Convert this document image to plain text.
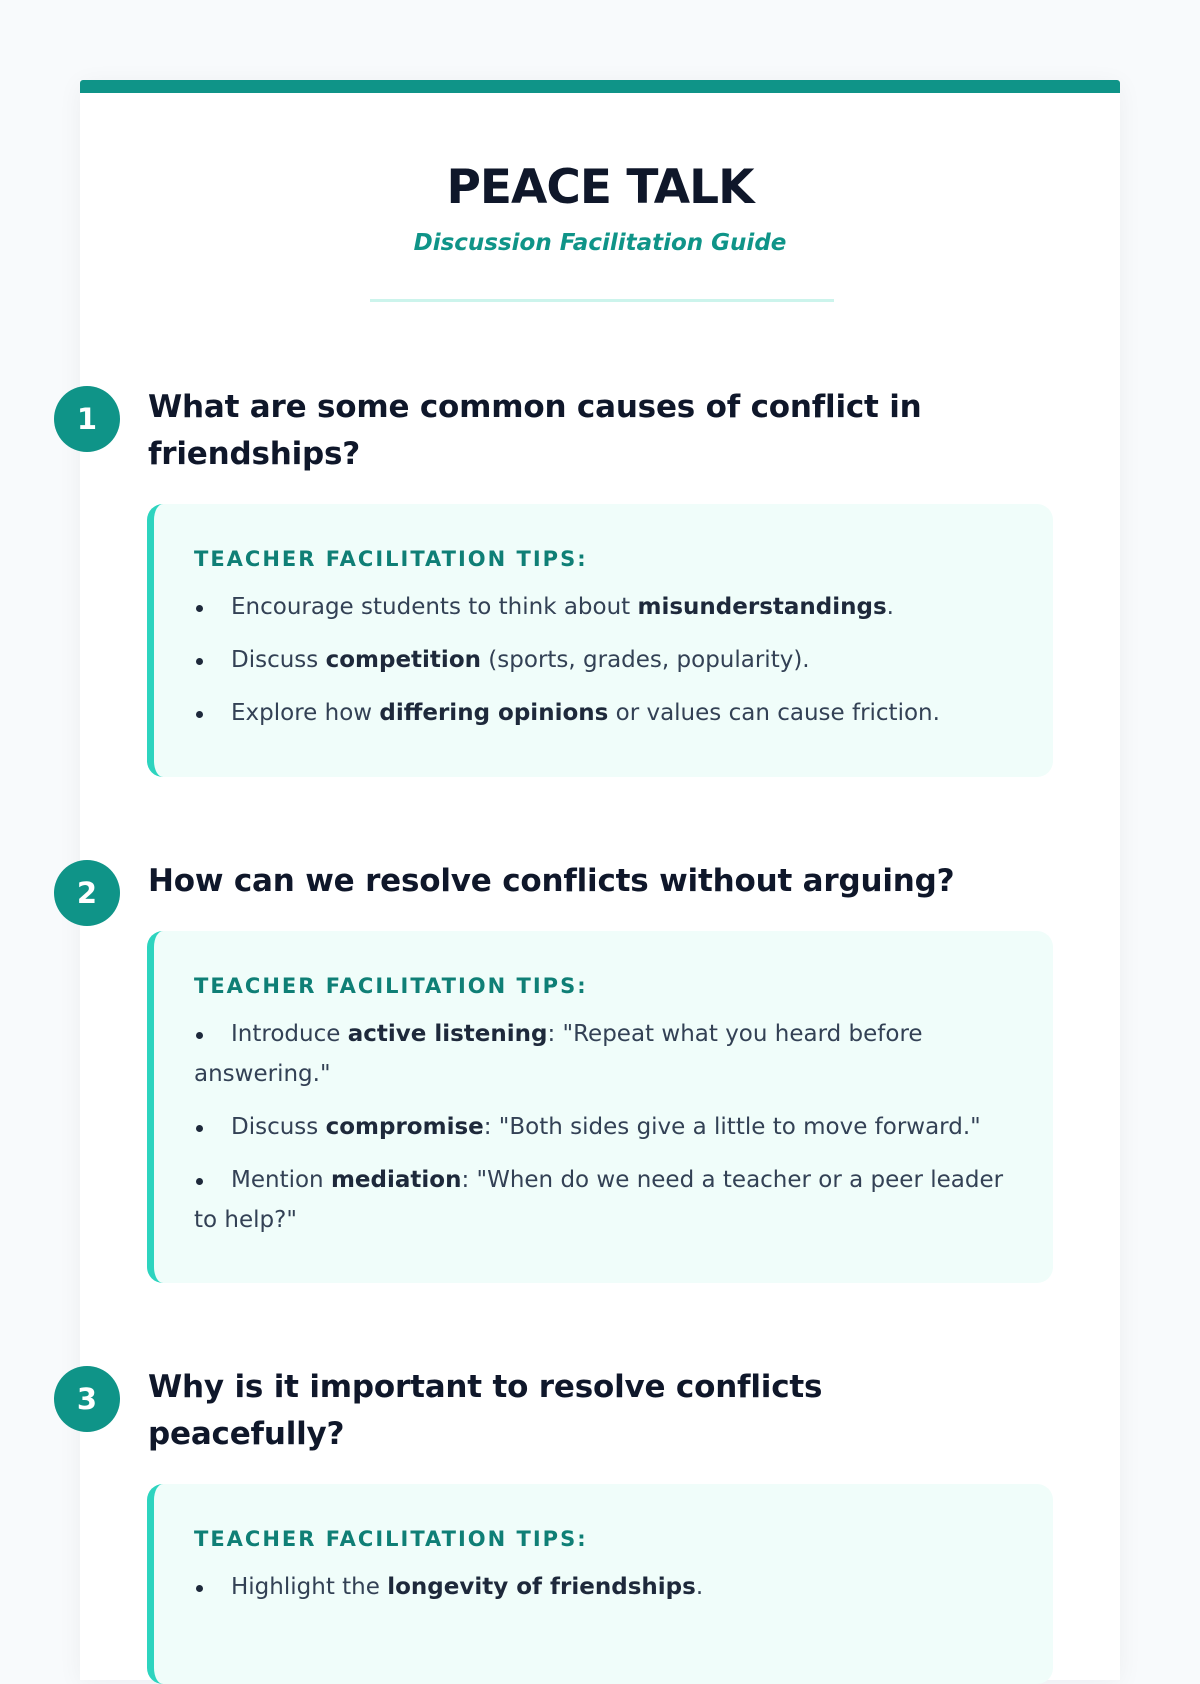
PEACE TALK
Discussion Facilitation Guide
1	What are some common causes of conflict in friendships?
TEACHER FACILITATION TIPS:
Encourage students to think about misunderstandings.
Discuss competition (sports, grades, popularity).
Explore how differing opinions or values can cause friction.
2	How can we resolve conflicts without arguing?
TEACHER FACILITATION TIPS:
Introduce active listening: "Repeat what you heard before answering."
Discuss compromise: "Both sides give a little to move forward."
Mention mediation: "When do we need a teacher or a peer leader to help?"
3	Why is it important to resolve conflicts peacefully?
TEACHER FACILITATION TIPS:
Highlight the longevity of friendships.
